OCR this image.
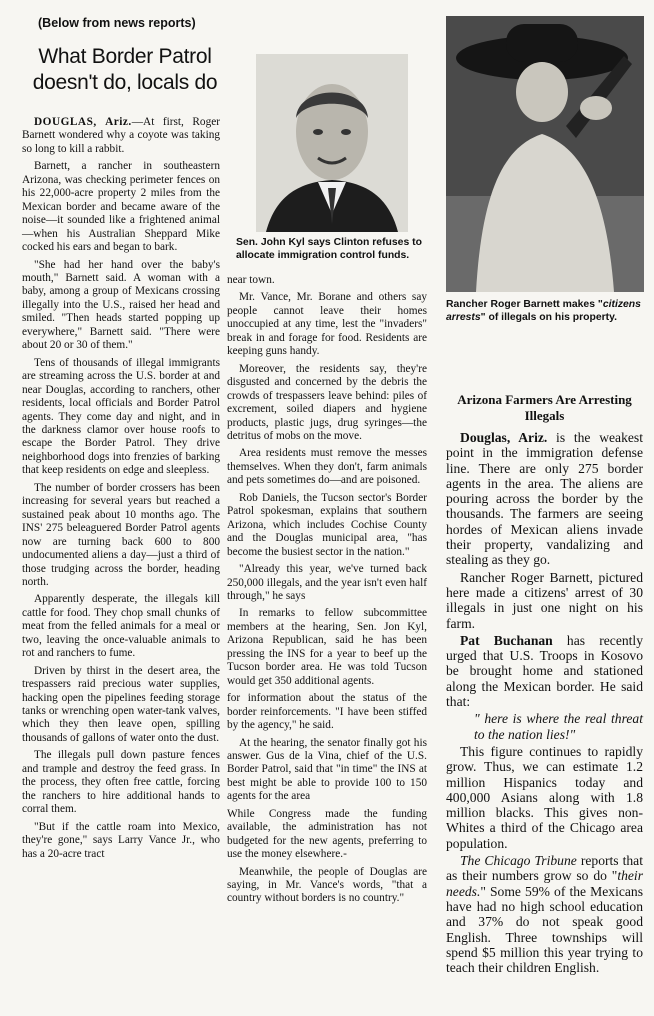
(Below from news reports)
What Border Patrol doesn't do, locals do
Sen. John Kyl says Clinton refuses to allocate immigration control funds.
Rancher Roger Barnett makes "citizens arrests" of illegals on his property.

DOUGLAS, Ariz.—At first, Roger Barnett wondered why a coyote was taking so long to kill a rabbit.

Barnett, a rancher in southeastern Arizona, was checking perimeter fences on his 22,000-acre property 2 miles from the Mexican border and became aware of the noise—it sounded like a frightened animal—when his Australian Sheppard Mike cocked his ears and began to bark.

"She had her hand over the baby's mouth," Barnett said. A woman with a baby, among a group of Mexicans crossing illegally into the U.S., raised her head and smiled. "Then heads started popping up everywhere," Barnett said. "There were about 20 or 30 of them."

Tens of thousands of illegal immigrants are streaming across the U.S. border at and near Douglas, according to ranchers, other residents, local officials and Border Patrol agents. They come day and night, and in the darkness clamor over house roofs to escape the Border Patrol. They drive neighborhood dogs into frenzies of barking that keep residents on edge and sleepless.

The number of border crossers has been increasing for several years but reached a sustained peak about 10 months ago. The INS' 275 beleaguered Border Patrol agents now are turning back 600 to 800 undocumented aliens a day—just a third of those trudging across the border, heading north.

Apparently desperate, the illegals kill cattle for food. They chop small chunks of meat from the felled animals for a meal or two, leaving the once-valuable animals to rot and ranchers to fume.

Driven by thirst in the desert area, the trespassers raid precious water supplies, hacking open the pipelines feeding storage tanks or wrenching open water-tank valves, which they then leave open, spilling thousands of gallons of water onto the dust.

The illegals pull down pasture fences and trample and destroy the feed grass. In the process, they often free cattle, forcing the ranchers to hire additional hands to corral them.

"But if the cattle roam into Mexico, they're gone," says Larry Vance Jr., who has a 20-acre tract

near town.

Mr. Vance, Mr. Borane and others say people cannot leave their homes unoccupied at any time, lest the "invaders" break in and forage for food. Residents are keeping guns handy.

Moreover, the residents say, they're disgusted and concerned by the debris the crowds of trespassers leave behind: piles of excrement, soiled diapers and hygiene products, plastic jugs, drug syringes—the detritus of mobs on the move.

Area residents must remove the messes themselves. When they don't, farm animals and pets sometimes do—and are poisoned.

Rob Daniels, the Tucson sector's Border Patrol spokesman, explains that southern Arizona, which includes Cochise County and the Douglas municipal area, "has become the busiest sector in the nation."

"Already this year, we've turned back 250,000 illegals, and the year isn't even half through," he says

In remarks to fellow subcommittee members at the hearing, Sen. Jon Kyl, Arizona Republican, said he has been pressing the INS for a year to beef up the Tucson border area. He was told Tucson would get 350 additional agents.

for information about the status of the border reinforcements. "I have been stiffed by the agency," he said.

At the hearing, the senator finally got his answer. Gus de la Vina, chief of the U.S. Border Patrol, said that "in time" the INS at best might be able to provide 100 to 150 agents for the area

While Congress made the funding available, the administration has not budgeted for the new agents, preferring to use the money elsewhere.-

Meanwhile, the people of Douglas are saying, in Mr. Vance's words, "that a country without borders is no country."

Arizona Farmers Are Arresting Illegals

Douglas, Ariz. is the weakest point in the immigration defense line. There are only 275 border agents in the area. The aliens are pouring across the border by the thousands. The farmers are seeing hordes of Mexican aliens invade their property, vandalizing and stealing as they go.

Rancher Roger Barnett, pictured here made a citizens' arrest of 30 illegals in just one night on his farm.

Pat Buchanan has recently urged that U.S. Troops in Kosovo be brought home and stationed along the Mexican border. He said that:

" here is where the real threat to the nation lies!"

This figure continues to rapidly grow. Thus, we can estimate 1.2 million Hispanics today and 400,000 Asians along with 1.8 million blacks. This gives non-Whites a third of the Chicago area population.

The Chicago Tribune reports that as their numbers grow so do "their needs." Some 59% of the Mexicans have had no high school education and 37% do not speak good English. Three townships will spend $5 million this year trying to teach their children English.
